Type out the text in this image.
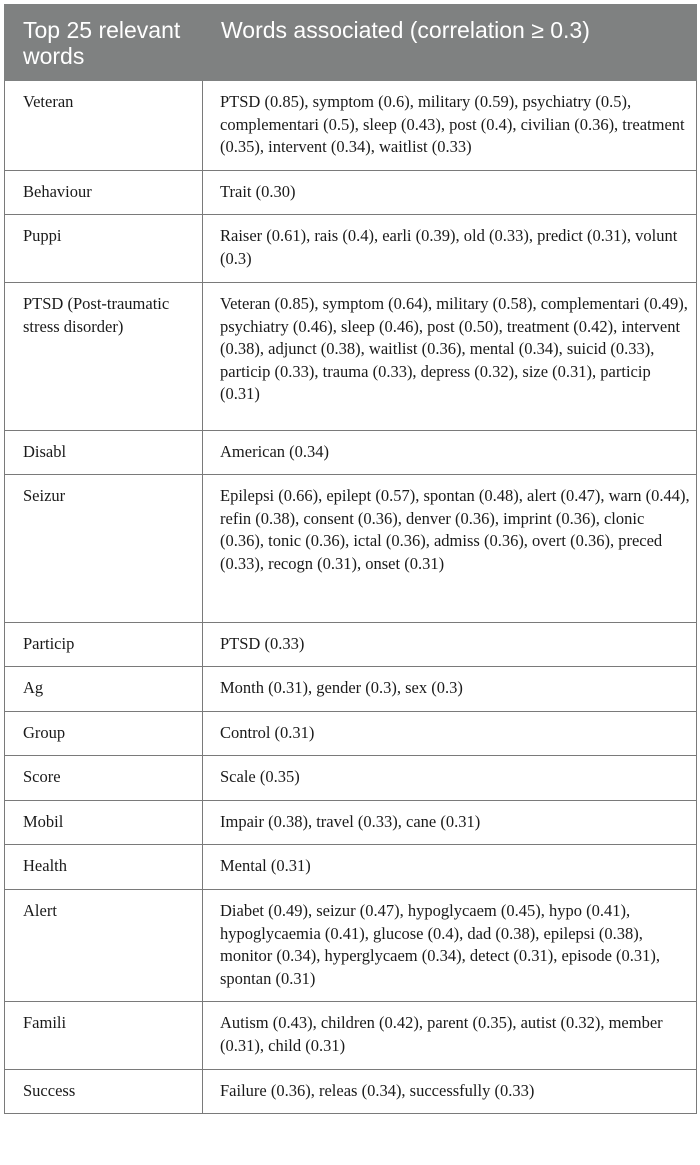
Top 25 relevant words	Words associated (correlation ≥ 0.3)
Veteran	PTSD (0.85), symptom (0.6), military (0.59), psychiatry (0.5), complementari (0.5), sleep (0.43), post (0.4), civilian (0.36), treatment (0.35), intervent (0.34), waitlist (0.33)
Behaviour	Trait (0.30)
Puppi	Raiser (0.61), rais (0.4), earli (0.39), old (0.33), predict (0.31), volunt (0.3)
PTSD (Post-traumatic stress disorder)	Veteran (0.85), symptom (0.64), military (0.58), complementari (0.49), psychiatry (0.46), sleep (0.46), post (0.50), treatment (0.42), intervent (0.38), adjunct (0.38), waitlist (0.36), mental (0.34), suicid (0.33), particip (0.33), trauma (0.33), depress (0.32), size (0.31), particip (0.31)
Disabl	American (0.34)
Seizur	Epilepsi (0.66), epilept (0.57), spontan (0.48), alert (0.47), warn (0.44), refin (0.38), consent (0.36), denver (0.36), imprint (0.36), clonic (0.36), tonic (0.36), ictal (0.36), admiss (0.36), overt (0.36), preced (0.33), recogn (0.31), onset (0.31)
Particip	PTSD (0.33)
Ag	Month (0.31), gender (0.3), sex (0.3)
Group	Control (0.31)
Score	Scale (0.35)
Mobil	Impair (0.38), travel (0.33), cane (0.31)
Health	Mental (0.31)
Alert	Diabet (0.49), seizur (0.47), hypoglycaem (0.45), hypo (0.41), hypoglycaemia (0.41), glucose (0.4), dad (0.38), epilepsi (0.38), monitor (0.34), hyperglycaem (0.34), detect (0.31), episode (0.31), spontan (0.31)
Famili	Autism (0.43), children (0.42), parent (0.35), autist (0.32), member (0.31), child (0.31)
Success	Failure (0.36), releas (0.34), successfully (0.33)
